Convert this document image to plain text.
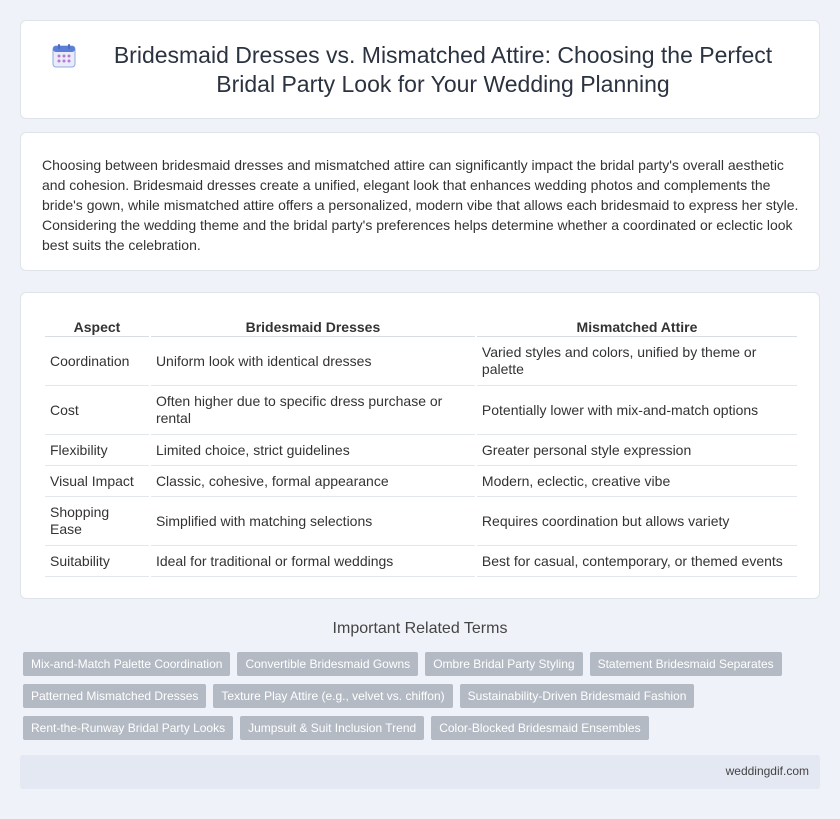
Bridesmaid Dresses vs. Mismatched Attire: Choosing the Perfect Bridal Party Look for Your Wedding Planning

Choosing between bridesmaid dresses and mismatched attire can significantly impact the bridal party's overall aesthetic and cohesion. Bridesmaid dresses create a unified, elegant look that enhances wedding photos and complements the bride's gown, while mismatched attire offers a personalized, modern vibe that allows each bridesmaid to express her style. Considering the wedding theme and the bridal party's preferences helps determine whether a coordinated or eclectic look best suits the celebration.

Aspect	Bridesmaid Dresses	Mismatched Attire
Coordination	Uniform look with identical dresses	Varied styles and colors, unified by theme or palette
Cost	Often higher due to specific dress purchase or rental	Potentially lower with mix-and-match options
Flexibility	Limited choice, strict guidelines	Greater personal style expression
Visual Impact	Classic, cohesive, formal appearance	Modern, eclectic, creative vibe
Shopping Ease	Simplified with matching selections	Requires coordination but allows variety
Suitability	Ideal for traditional or formal weddings	Best for casual, contemporary, or themed events
Important Related Terms
Mix-and-Match Palette Coordination	Convertible Bridesmaid Gowns	Ombre Bridal Party Styling	Statement Bridesmaid Separates
Patterned Mismatched Dresses	Texture Play Attire (e.g., velvet vs. chiffon)	Sustainability-Driven Bridesmaid Fashion
Rent-the-Runway Bridal Party Looks	Jumpsuit & Suit Inclusion Trend	Color-Blocked Bridesmaid Ensembles
weddingdif.com
